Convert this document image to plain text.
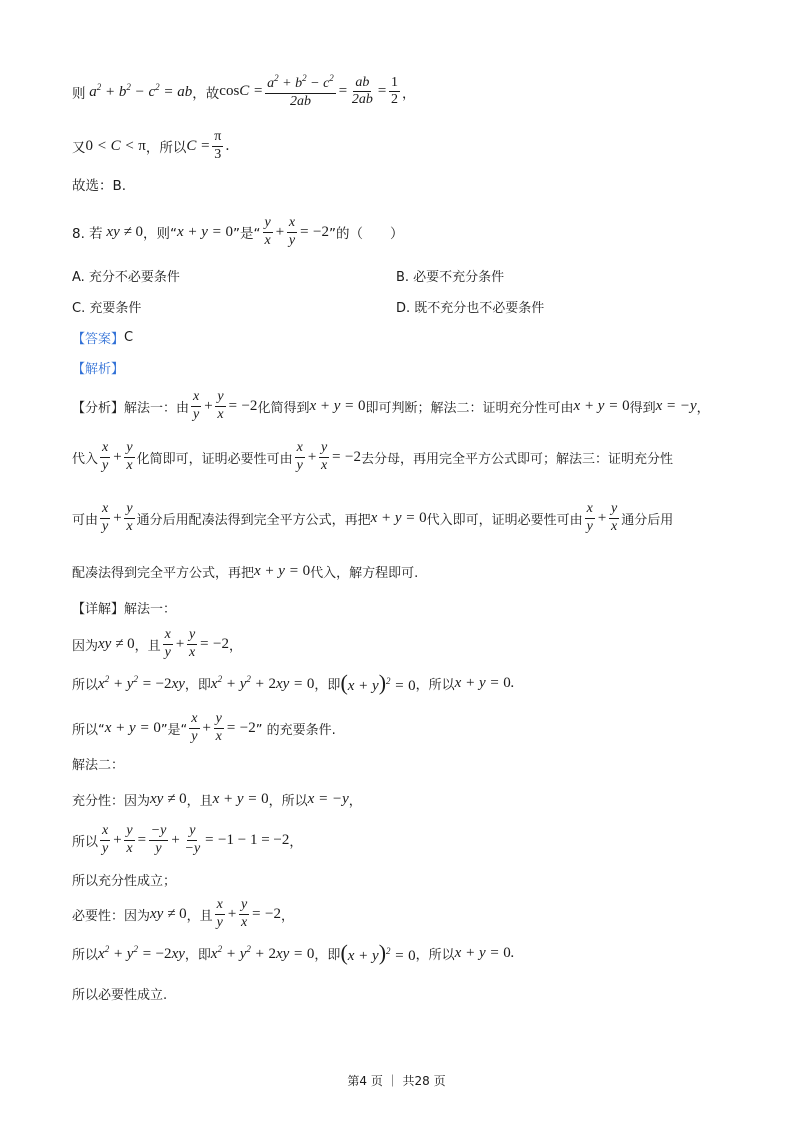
则 $a^2 + b^2 - c^2$ = ab ，故 $\cos C = \frac{a^2 + b^2 - c^2}{2ab} = \frac{ab}{2ab} = \frac{1}{2}$ ，
又 0 < C < π ，所以 $C = \frac{\pi}{3}$ .
故选：B.
8. 若 xy ≠ 0 ，则“ x + y = 0 ”是“ $\frac{y}{x} + \frac{x}{y} = -2$ ”的（　　）
A. 充分不必要条件	B. 必要不充分条件
C. 充要条件	D. 既不充分也不必要条件
【答案】 C
【解析】
【分析】 解法一：由 $\frac{x}{y} + \frac{y}{x} = -2$ 化简得到 x + y = 0 即可判断；解法二：证明充分性可由 x + y = 0 得到 x = −y ，
代入 $\frac{x}{y} + \frac{y}{x}$ 化简即可，证明必要性可由 $\frac{x}{y} + \frac{y}{x} = -2$ 去分母，再用完全平方公式即可；解法三：证明充分性
可由 $\frac{x}{y} + \frac{y}{x}$ 通分后用配凑法得到完全平方公式，再把 x + y = 0 代入即可，证明必要性可由 $\frac{x}{y} + \frac{y}{x}$ 通分后用
配凑法得到完全平方公式，再把 x + y = 0 代入，解方程即可.
【详解】 解法一：
因为 xy ≠ 0 ，且 $\frac{x}{y} + \frac{y}{x} = -2$ ，
所以 $x^2 + y^2 = -2xy$ ，即 $x^2 + y^2 + 2xy = 0$ ，即 $(x + y)^2 = 0$ ，所以 x + y = 0.
所以“ x + y = 0 ”是“ $\frac{x}{y} + \frac{y}{x} = -2$ ” 的充要条件.
解法二：
充分性：因为 xy ≠ 0 ，且 x + y = 0 ，所以 x = −y ，
所以 $\frac{x}{y} + \frac{y}{x} = \frac{-y}{y} + \frac{y}{-y} = -1 - 1 = -2$ ，
所以充分性成立；
必要性：因为 xy ≠ 0 ，且 $\frac{x}{y} + \frac{y}{x} = -2$ ，
所以 $x^2 + y^2 = -2xy$ ，即 $x^2 + y^2 + 2xy = 0$ ，即 $(x + y)^2 = 0$ ，所以 x + y = 0.
所以必要性成立.
第4 页 ｜ 共28 页
